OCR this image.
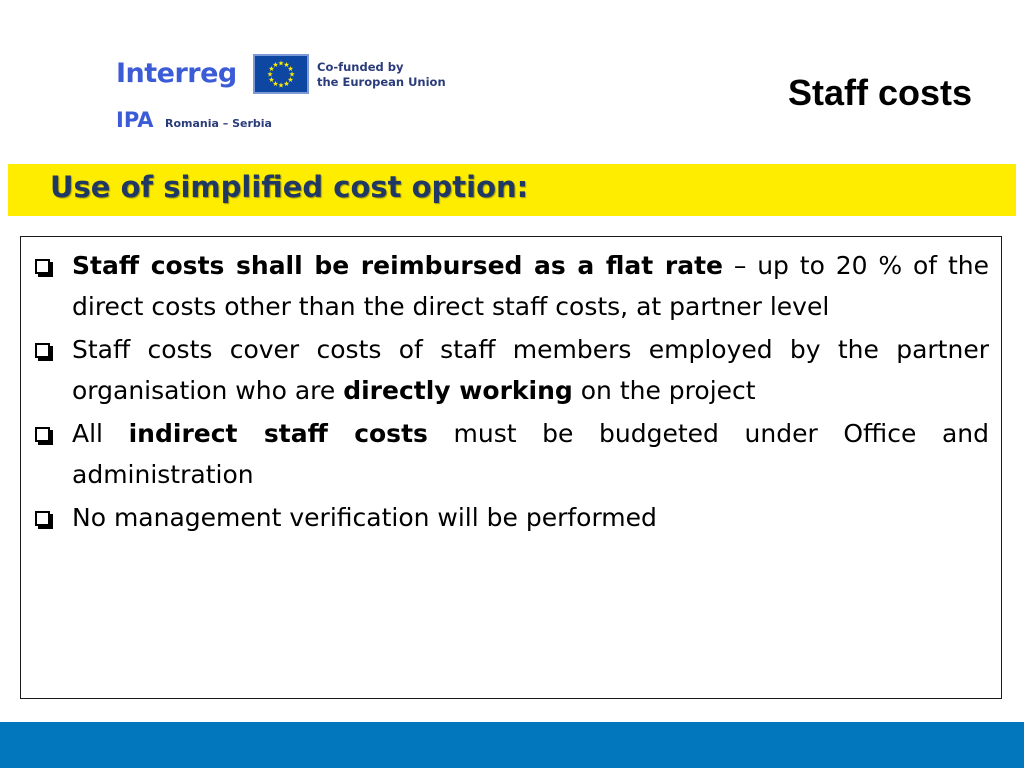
Interreg	★
★
★
★
★
★
★
★
★ ★ ★
★ Co-funded by
the European Union
IPA Romania – Serbia
Staff costs
Use of simplified cost option:
Staff costs shall be reimbursed as a flat rate – up to 20 % of the direct costs other than the direct staff costs, at partner level
Staff costs cover costs of staff members employed by the partner organisation who are directly working on the project
All indirect staff costs must be budgeted under Office and administration
No management verification will be performed
